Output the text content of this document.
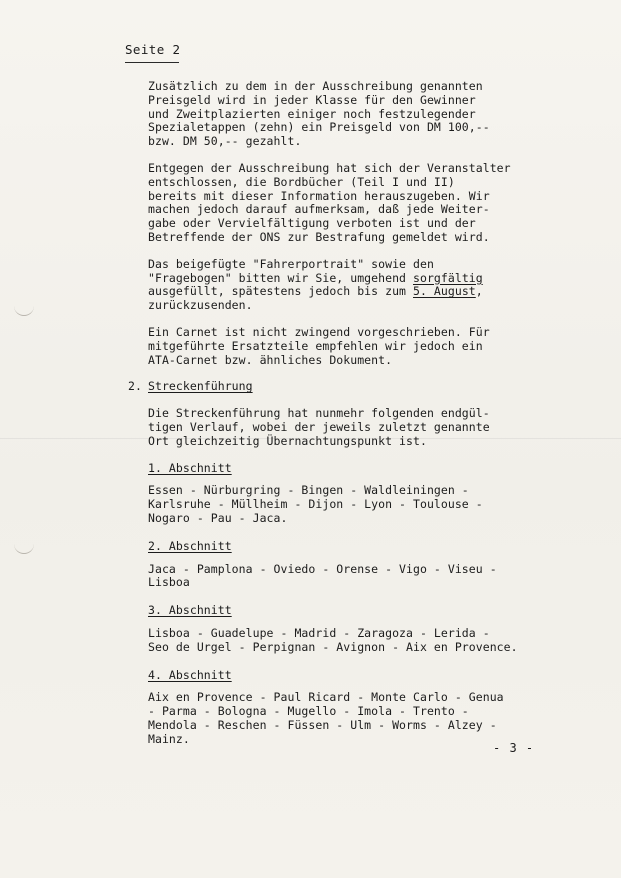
Seite 2
Zusätzlich zu dem in der Ausschreibung genannten
Preisgeld wird in jeder Klasse für den Gewinner
und Zweitplazierten einiger noch festzulegender
Spezialetappen (zehn) ein Preisgeld von DM 100,--
bzw. DM 50,-- gezahlt.
Entgegen der Ausschreibung hat sich der Veranstalter
entschlossen, die Bordbücher (Teil I und II)
bereits mit dieser Information herauszugeben. Wir
machen jedoch darauf aufmerksam, daß jede Weiter-
gabe oder Vervielfältigung verboten ist und der
Betreffende der ONS zur Bestrafung gemeldet wird.
Das beigefügte "Fahrerportrait" sowie den
"Fragebogen" bitten wir Sie, umgehend sorgfältig
ausgefüllt, spätestens jedoch bis zum 5. August,
zurückzusenden.
Ein Carnet ist nicht zwingend vorgeschrieben. Für
mitgeführte Ersatzteile empfehlen wir jedoch ein
ATA-Carnet bzw. ähnliches Dokument.
2. Streckenführung
Die Streckenführung hat nunmehr folgenden endgül-
tigen Verlauf, wobei der jeweils zuletzt genannte
Ort gleichzeitig Übernachtungspunkt ist.
1. Abschnitt
Essen - Nürburgring - Bingen - Waldleiningen -
Karlsruhe - Müllheim - Dijon - Lyon - Toulouse -
Nogaro - Pau - Jaca.
2. Abschnitt
Jaca - Pamplona - Oviedo - Orense - Vigo - Viseu -
Lisboa
3. Abschnitt
Lisboa - Guadelupe - Madrid - Zaragoza - Lerida -
Seo de Urgel - Perpignan - Avignon - Aix en Provence.
4. Abschnitt
Aix en Provence - Paul Ricard - Monte Carlo - Genua
- Parma - Bologna - Mugello - Imola - Trento -
Mendola - Reschen - Füssen - Ulm - Worms - Alzey -
Mainz.
- 3 -
